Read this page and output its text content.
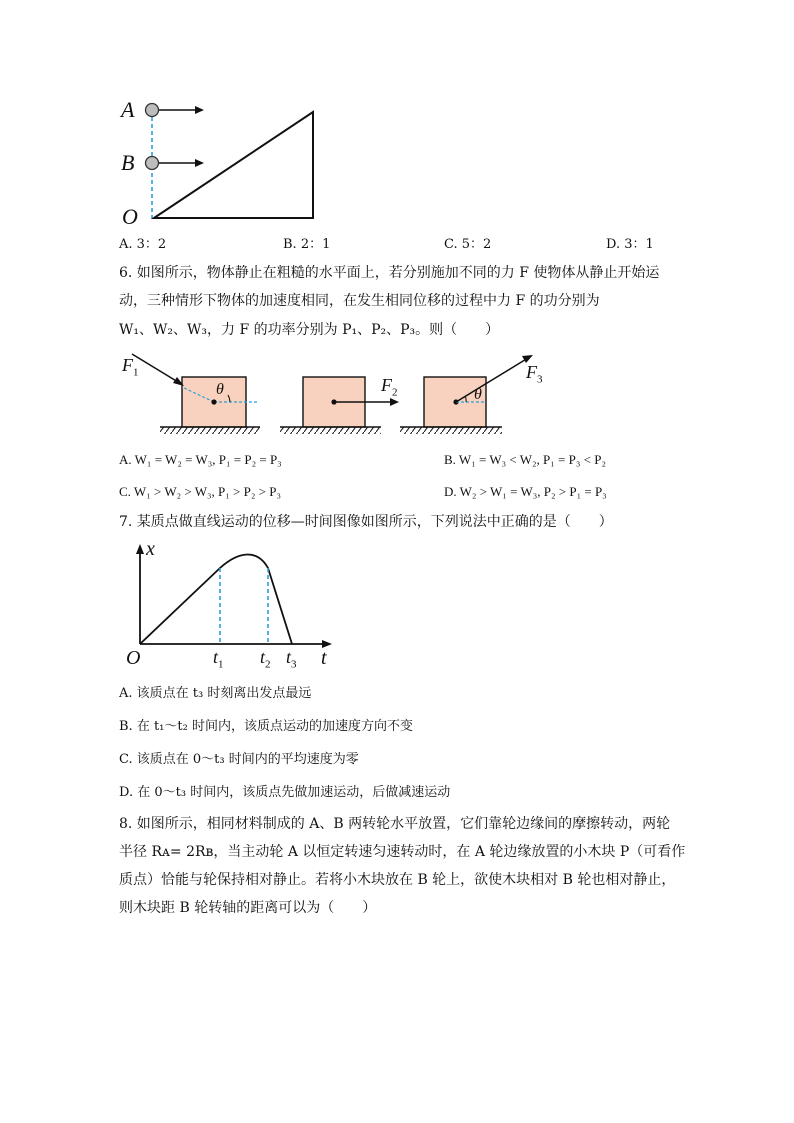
A
B
O
A. 3：2	B. 2：1	C. 5：2	D. 3：1
6. 如图所示，物体静止在粗糙的水平面上，若分别施加不同的力 F 使物体从静止开始运
动，三种情形下物体的加速度相同，在发生相同位移的过程中力 F 的功分别为
W₁、W₂、W₃，力 F 的功率分别为 P₁、P₂、P₃。则（　　）
$F_1$
θ	$F_2$
$F_3$
θ
A. W₁ = W₂ = W₃, P₁ = P₂ = P₃	B. W₁ = W₃ < W₂, P₁ = P₃ < P₂
C. W₁ > W₂ > W₃, P₁ > P₂ > P₃	D. W₂ > W₁ = W₃, P₂ > P₁ = P₃
7. 某质点做直线运动的位移—时间图像如图所示，下列说法中正确的是（　　）
x
O	$t_1$ $t_2$ $t_3$ t
A. 该质点在 t₃ 时刻离出发点最远
B. 在 t₁～t₂ 时间内，该质点运动的加速度方向不变
C. 该质点在 0～t₃ 时间内的平均速度为零
D. 在 0～t₃ 时间内，该质点先做加速运动，后做减速运动
8. 如图所示，相同材料制成的 A、B 两转轮水平放置，它们靠轮边缘间的摩擦转动，两轮
半径 Rᴀ= 2Rʙ，当主动轮 A 以恒定转速匀速转动时，在 A 轮边缘放置的小木块 P（可看作
质点）恰能与轮保持相对静止。若将小木块放在 B 轮上，欲使木块相对 B 轮也相对静止，
则木块距 B 轮转轴的距离可以为（　　）
